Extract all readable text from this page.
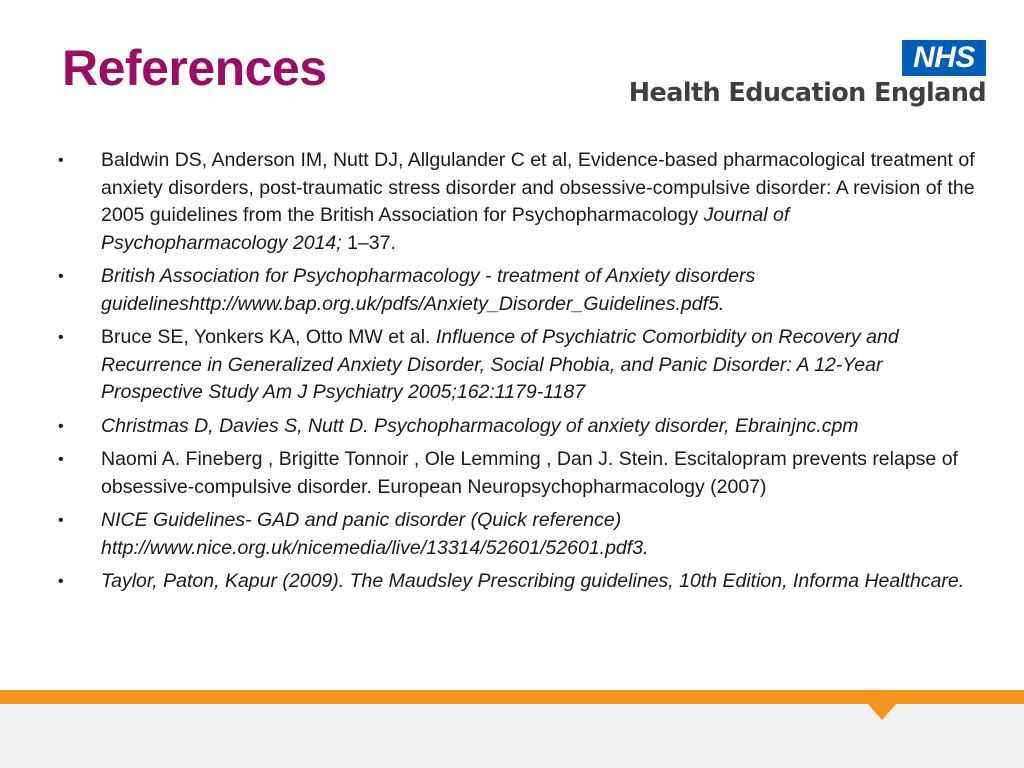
References	NHS
Health Education England
• Baldwin DS, Anderson IM, Nutt DJ, Allgulander C et al, Evidence-based pharmacological treatment of anxiety disorders, post-traumatic stress disorder and obsessive-compulsive disorder: A revision of the 2005 guidelines from the British Association for Psychopharmacology Journal of Psychopharmacology 2014; 1–37.
• British Association for Psychopharmacology - treatment of Anxiety disorders guidelineshttp://www.bap.org.uk/pdfs/Anxiety_Disorder_Guidelines.pdf5.
• Bruce SE, Yonkers KA, Otto MW et al. Influence of Psychiatric Comorbidity on Recovery and Recurrence in Generalized Anxiety Disorder, Social Phobia, and Panic Disorder: A 12-Year Prospective Study Am J Psychiatry 2005;162:1179-1187
• Christmas D, Davies S, Nutt D. Psychopharmacology of anxiety disorder, Ebrainjnc.cpm
• Naomi A. Fineberg , Brigitte Tonnoir , Ole Lemming , Dan J. Stein. Escitalopram prevents relapse of obsessive-compulsive disorder. European Neuropsychopharmacology (2007)
• NICE Guidelines- GAD and panic disorder (Quick reference) http://www.nice.org.uk/nicemedia/live/13314/52601/52601.pdf3.
• Taylor, Paton, Kapur (2009). The Maudsley Prescribing guidelines, 10th Edition, Informa Healthcare.
